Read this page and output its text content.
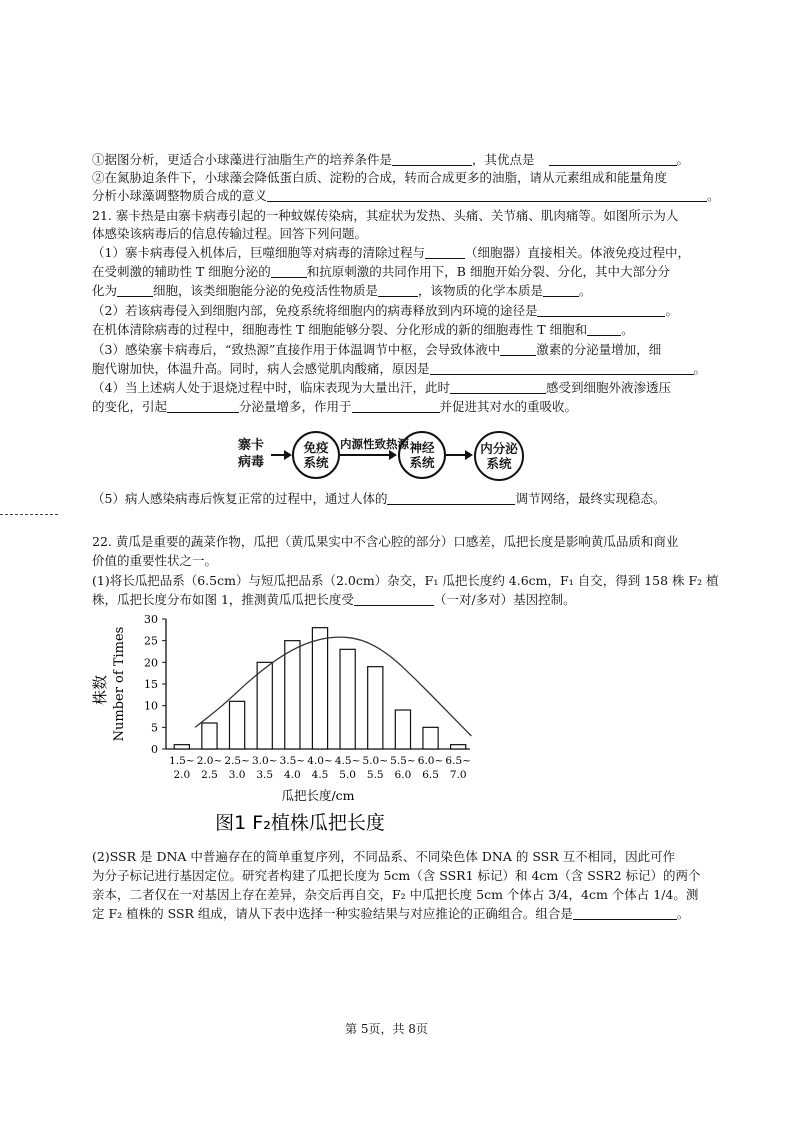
①据图分析，更适合小球藻进行油脂生产的培养条件是	，其优点是	。
②在氮胁迫条件下，小球藻会降低蛋白质、淀粉的合成，转而合成更多的油脂，请从元素组成和能量角度
分析小球藻调整物质合成的意义	。
21. 寨卡热是由寨卡病毒引起的一种蚊媒传染病，其症状为发热、头痛、关节痛、肌肉痛等。如图所示为人
体感染该病毒后的信息传输过程。回答下列问题。
（1）寨卡病毒侵入机体后，巨噬细胞等对病毒的清除过程与	（细胞器）直接相关。体液免疫过程中，
在受刺激的辅助性 T 细胞分泌的	和抗原刺激的共同作用下，B 细胞开始分裂、分化，其中大部分分
化为	细胞，该类细胞能分泌的免疫活性物质是	，该物质的化学本质是	。
（2）若该病毒侵入到细胞内部，免疫系统将细胞内的病毒释放到内环境的途径是	。
在机体清除病毒的过程中，细胞毒性 T 细胞能够分裂、分化形成的新的细胞毒性 T 细胞和	。
（3）感染寨卡病毒后，“致热源”直接作用于体温调节中枢，会导致体液中	激素的分泌量增加，细
胞代谢加快，体温升高。同时，病人会感觉肌肉酸痛，原因是	。
（4）当上述病人处于退烧过程中时，临床表现为大量出汗，此时	感受到细胞外液渗透压
的变化，引起	分泌量增多，作用于	并促进其对水的重吸收。
寨卡
病毒
免疫
系统
内源性致热源 神经
系统
内分泌
系统
（5）病人感染病毒后恢复正常的过程中，通过人体的	调节网络，最终实现稳态。
22. 黄瓜是重要的蔬菜作物，瓜把（黄瓜果实中不含心腔的部分）口感差，瓜把长度是影响黄瓜品质和商业
价值的重要性状之一。
(1)将长瓜把品系（6.5cm）与短瓜把品系（2.0cm）杂交，F₁ 瓜把长度约 4.6cm，F₁ 自交，得到 158 株 F₂ 植
株，瓜把长度分布如图 1，推测黄瓜瓜把长度受	（一对/多对）基因控制。
0
5
10
15
20
25
30
1.5~
2.0
2.0~
2.5
2.5~
3.0
3.0~
3.5
3.5~
4.0
4.0~
4.5
4.5~
5.0
5.0~
5.5
5.5~
6.0
6.0~
6.5
6.5~
7.0
株数 Number of Times
瓜把长度/cm
图1 F₂植株瓜把长度
(2)SSR 是 DNA 中普遍存在的简单重复序列，不同品系、不同染色体 DNA 的 SSR 互不相同，因此可作
为分子标记进行基因定位。研究者构建了瓜把长度为 5cm（含 SSR1 标记）和 4cm（含 SSR2 标记）的两个
亲本，二者仅在一对基因上存在差异，杂交后再自交，F₂ 中瓜把长度 5cm 个体占 3/4，4cm 个体占 1/4。测
定 F₂ 植株的 SSR 组成，请从下表中选择一种实验结果与对应推论的正确组合。组合是	。
第 5页，共 8页
